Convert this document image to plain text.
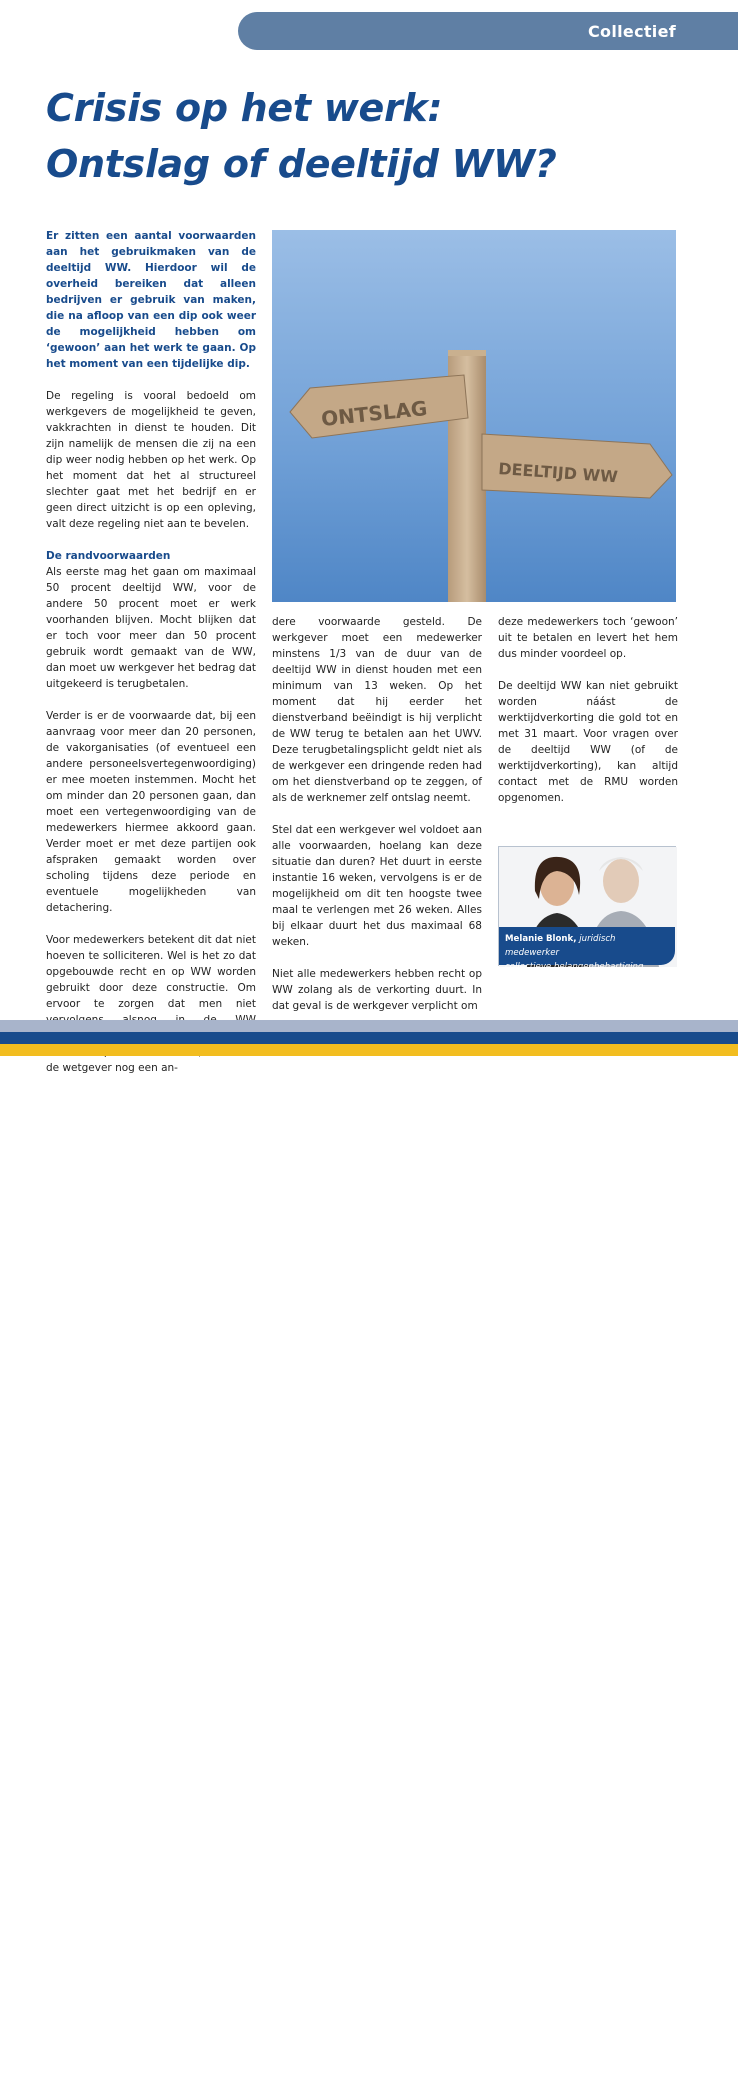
Collectief
Crisis op het werk:
Ontslag of deeltijd WW?

Er zitten een aantal voorwaarden aan het gebruikmaken van de deeltijd WW. Hierdoor wil de overheid bereiken dat alleen bedrijven er gebruik van maken, die na afloop van een dip ook weer de mogelijkheid hebben om ‘gewoon’ aan het werk te gaan. Op het moment van een tijdelijke dip.

De regeling is vooral bedoeld om werkgevers de mogelijkheid te geven, vakkrachten in dienst te houden. Dit zijn namelijk de mensen die zij na een dip weer nodig hebben op het werk. Op het moment dat het al structureel slechter gaat met het bedrijf en er geen direct uitzicht is op een opleving, valt deze regeling niet aan te bevelen.

De randvoorwaarden

Als eerste mag het gaan om maximaal 50 procent deeltijd WW, voor de andere 50 procent moet er werk voorhanden blijven. Mocht blijken dat er toch voor meer dan 50 procent gebruik wordt gemaakt van de WW, dan moet uw werkgever het bedrag dat uitgekeerd is terugbetalen.

Verder is er de voorwaarde dat, bij een aanvraag voor meer dan 20 personen, de vakorganisaties (of eventueel een andere personeelsvertegenwoordiging) er mee moeten instemmen. Mocht het om minder dan 20 personen gaan, dan moet een vertegenwoordiging van de medewerkers hiermee akkoord gaan. Verder moet er met deze partijen ook afspraken gemaakt worden over scholing tijdens deze periode en eventuele mogelijkheden van detachering.

Voor medewerkers betekent dit dat niet hoeven te solliciteren. Wel is het zo dat opgebouwde recht en op WW worden gebruikt door deze constructie. Om ervoor te zorgen dat men niet de wetgever nog een an-

ONTSLAG
DEELTIJD WW

dere voorwaarde gesteld. De werkgever moet een medewerker minstens 1/3 van de duur van de deeltijd WW in dienst houden met een minimum van 13 weken. Op het moment dat hij eerder het dienstverband beëindigt is hij verplicht de WW terug te betalen aan het UWV. Deze terugbetalingsplicht geldt niet als de werkgever een dringende reden had om het dienstverband op te zeggen, of als de werknemer zelf ontslag neemt.

Stel dat een werkgever wel voldoet aan alle voorwaarden, hoelang kan deze situatie dan duren? Het duurt in eerste instantie 16 weken, vervolgens is er de mogelijkheid om dit ten hoogste twee maal te verlengen met 26 weken. Alles bij elkaar duurt het dus maximaal 68 weken.

Niet alle medewerkers hebben recht op WW zolang als de verkorting duurt. In dat geval is de werkgever verplicht om

deze medewerkers toch ‘gewoon’ uit te betalen en levert het hem dus minder voordeel op.

De deeltijd WW kan niet gebruikt worden náást de werktijdverkorting die gold tot en met 31 maart. Voor vragen over de deeltijd WW (of de werktijdverkorting), kan altijd contact met de RMU worden opgenomen.

Melanie Blonk, juridisch medewerker
collectieve belangenbehartiging
27
